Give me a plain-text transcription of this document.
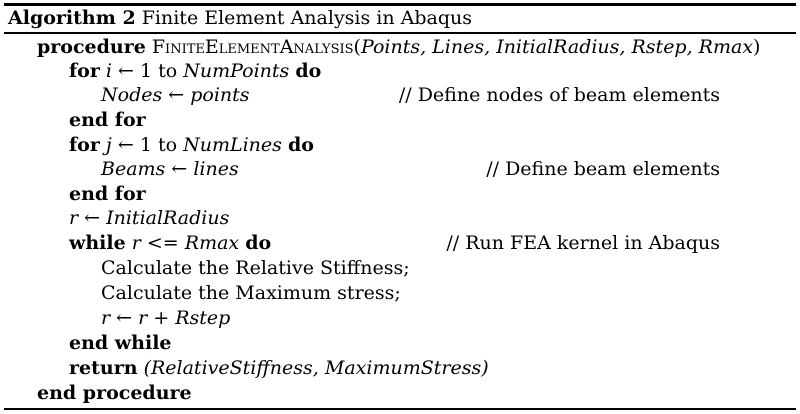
Algorithm 2 Finite Element Analysis in Abaqus
procedure FiniteElementAnalysis(Points, Lines, InitialRadius, Rstep, Rmax)
for i ← 1 to NumPoints do
Nodes ← points	// Define nodes of beam elements
end for
for j ← 1 to NumLines do
Beams ← lines	// Define beam elements
end for
r ← InitialRadius
while r <= Rmax do	// Run FEA kernel in Abaqus
Calculate the Relative Stiffness;
Calculate the Maximum stress;
r ← r + Rstep
end while
return (RelativeStiffness, MaximumStress)
end procedure
